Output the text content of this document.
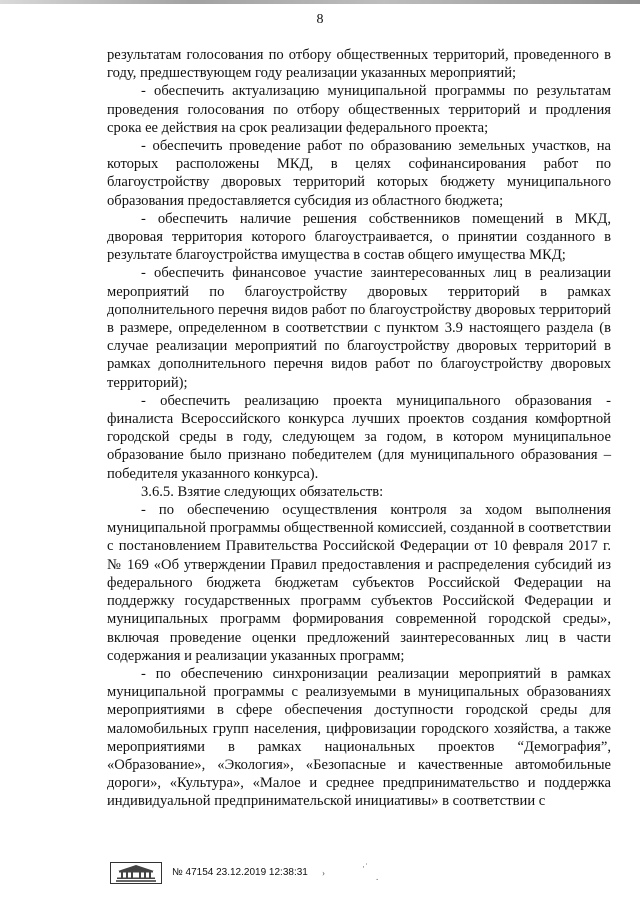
8

результатам голосования по отбору общественных территорий, проведенного в году, предшествующем году реализации указанных мероприятий;

- обеспечить актуализацию муниципальной программы по результатам проведения голосования по отбору общественных территорий и продления срока ее действия на срок реализации федерального проекта;

- обеспечить проведение работ по образованию земельных участков, на которых расположены МКД, в целях софинансирования работ по благоустройству дворовых территорий которых бюджету муниципального образования предоставляется субсидия из областного бюджета;

- обеспечить наличие решения собственников помещений в МКД, дворовая территория которого благоустраивается, о принятии созданного в результате благоустройства имущества в состав общего имущества МКД;

- обеспечить финансовое участие заинтересованных лиц в реализации мероприятий по благоустройству дворовых территорий в рамках дополнительного перечня видов работ по благоустройству дворовых территорий в размере, определенном в соответствии с пунктом 3.9 настоящего раздела (в случае реализации мероприятий по благоустройству дворовых территорий в рамках дополнительного перечня видов работ по благоустройству дворовых территорий);

- обеспечить реализацию проекта муниципального образования - финалиста Всероссийского конкурса лучших проектов создания комфортной городской среды в году, следующем за годом, в котором муниципальное образование было признано победителем (для муниципального образования – победителя указанного конкурса).

3.6.5. Взятие следующих обязательств:

- по обеспечению осуществления контроля за ходом выполнения муниципальной программы общественной комиссией, созданной в соответствии с постановлением Правительства Российской Федерации от 10 февраля 2017 г. № 169 «Об утверждении Правил предоставления и распределения субсидий из федерального бюджета бюджетам субъектов Российской Федерации на поддержку государственных программ субъектов Российской Федерации и муниципальных программ формирования современной городской среды», включая проведение оценки предложений заинтересованных лиц в части содержания и реализации указанных программ;

- по обеспечению синхронизации реализации мероприятий в рамках муниципальной программы с реализуемыми в муниципальных образованиях мероприятиями в сфере обеспечения доступности городской среды для маломобильных групп населения, цифровизации городского хозяйства, а также мероприятиями в рамках национальных проектов “Демография”, «Образование», «Экология», «Безопасные и качественные автомобильные дороги», «Культура», «Малое и среднее предпринимательство и поддержка индивидуальной предпринимательской инициативы» в соответствии с

№ 47154 23.12.2019 12:38:31 ›
·˙
.
